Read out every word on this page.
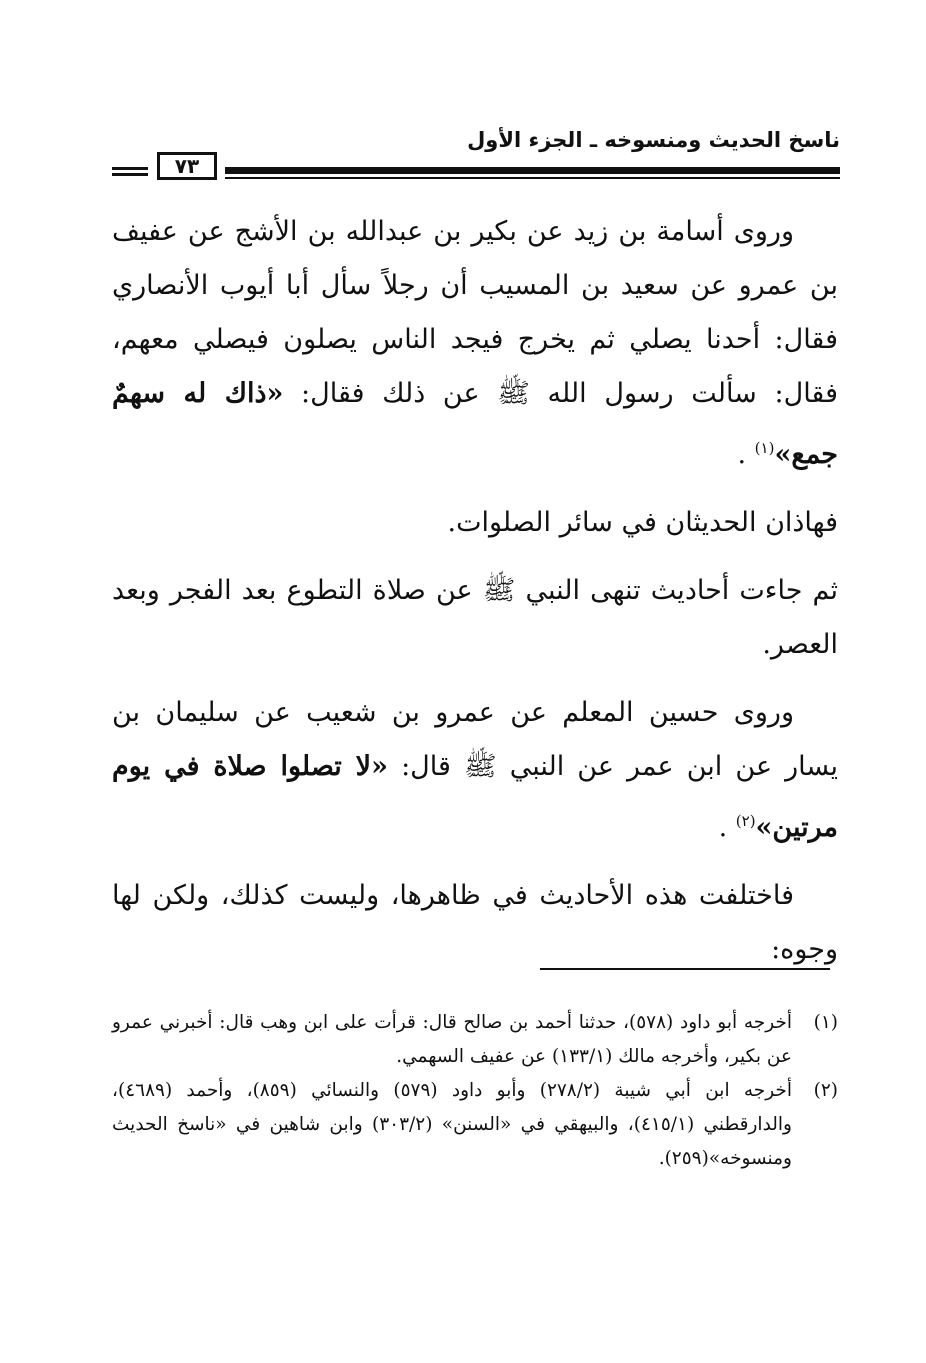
ناسخ الحديث ومنسوخه ـ الجزء الأول
٧٣

وروى أسامة بن زيد عن بكير بن عبدالله بن الأشج عن عفيف بن عمرو عن سعيد بن المسيب أن رجلاً سأل أبا أيوب الأنصاري فقال: أحدنا يصلي ثم يخرج فيجد الناس يصلون فيصلي معهم، فقال: سألت رسول الله ﷺ عن ذلك فقال: «ذاك له سهمٌ جمع»$^{(١)}$ .

فهاذان الحديثان في سائر الصلوات.

ثم جاءت أحاديث تنهى النبي ﷺ عن صلاة التطوع بعد الفجر وبعد العصر.

وروى حسين المعلم عن عمرو بن شعيب عن سليمان بن يسار عن ابن عمر عن النبي ﷺ قال: «لا تصلوا صلاة في يوم مرتين»$^{(٢)}$ .

فاختلفت هذه الأحاديث في ظاهرها، وليست كذلك، ولكن لها وجوه:

(١)
أخرجه أبو داود (٥٧٨)، حدثنا أحمد بن صالح قال: قرأت على ابن وهب قال: أخبرني عمرو عن بكير، وأخرجه مالك (١٣٣/١) عن عفيف السهمي.
(٢)
أخرجه ابن أبي شيبة (٢٧٨/٢) وأبو داود (٥٧٩) والنسائي (٨٥٩)، وأحمد (٤٦٨٩)، والدارقطني (٤١٥/١)، والبيهقي في «السنن» (٣٠٣/٢) وابن شاهين في «ناسخ الحديث ومنسوخه»(٢٥٩).
